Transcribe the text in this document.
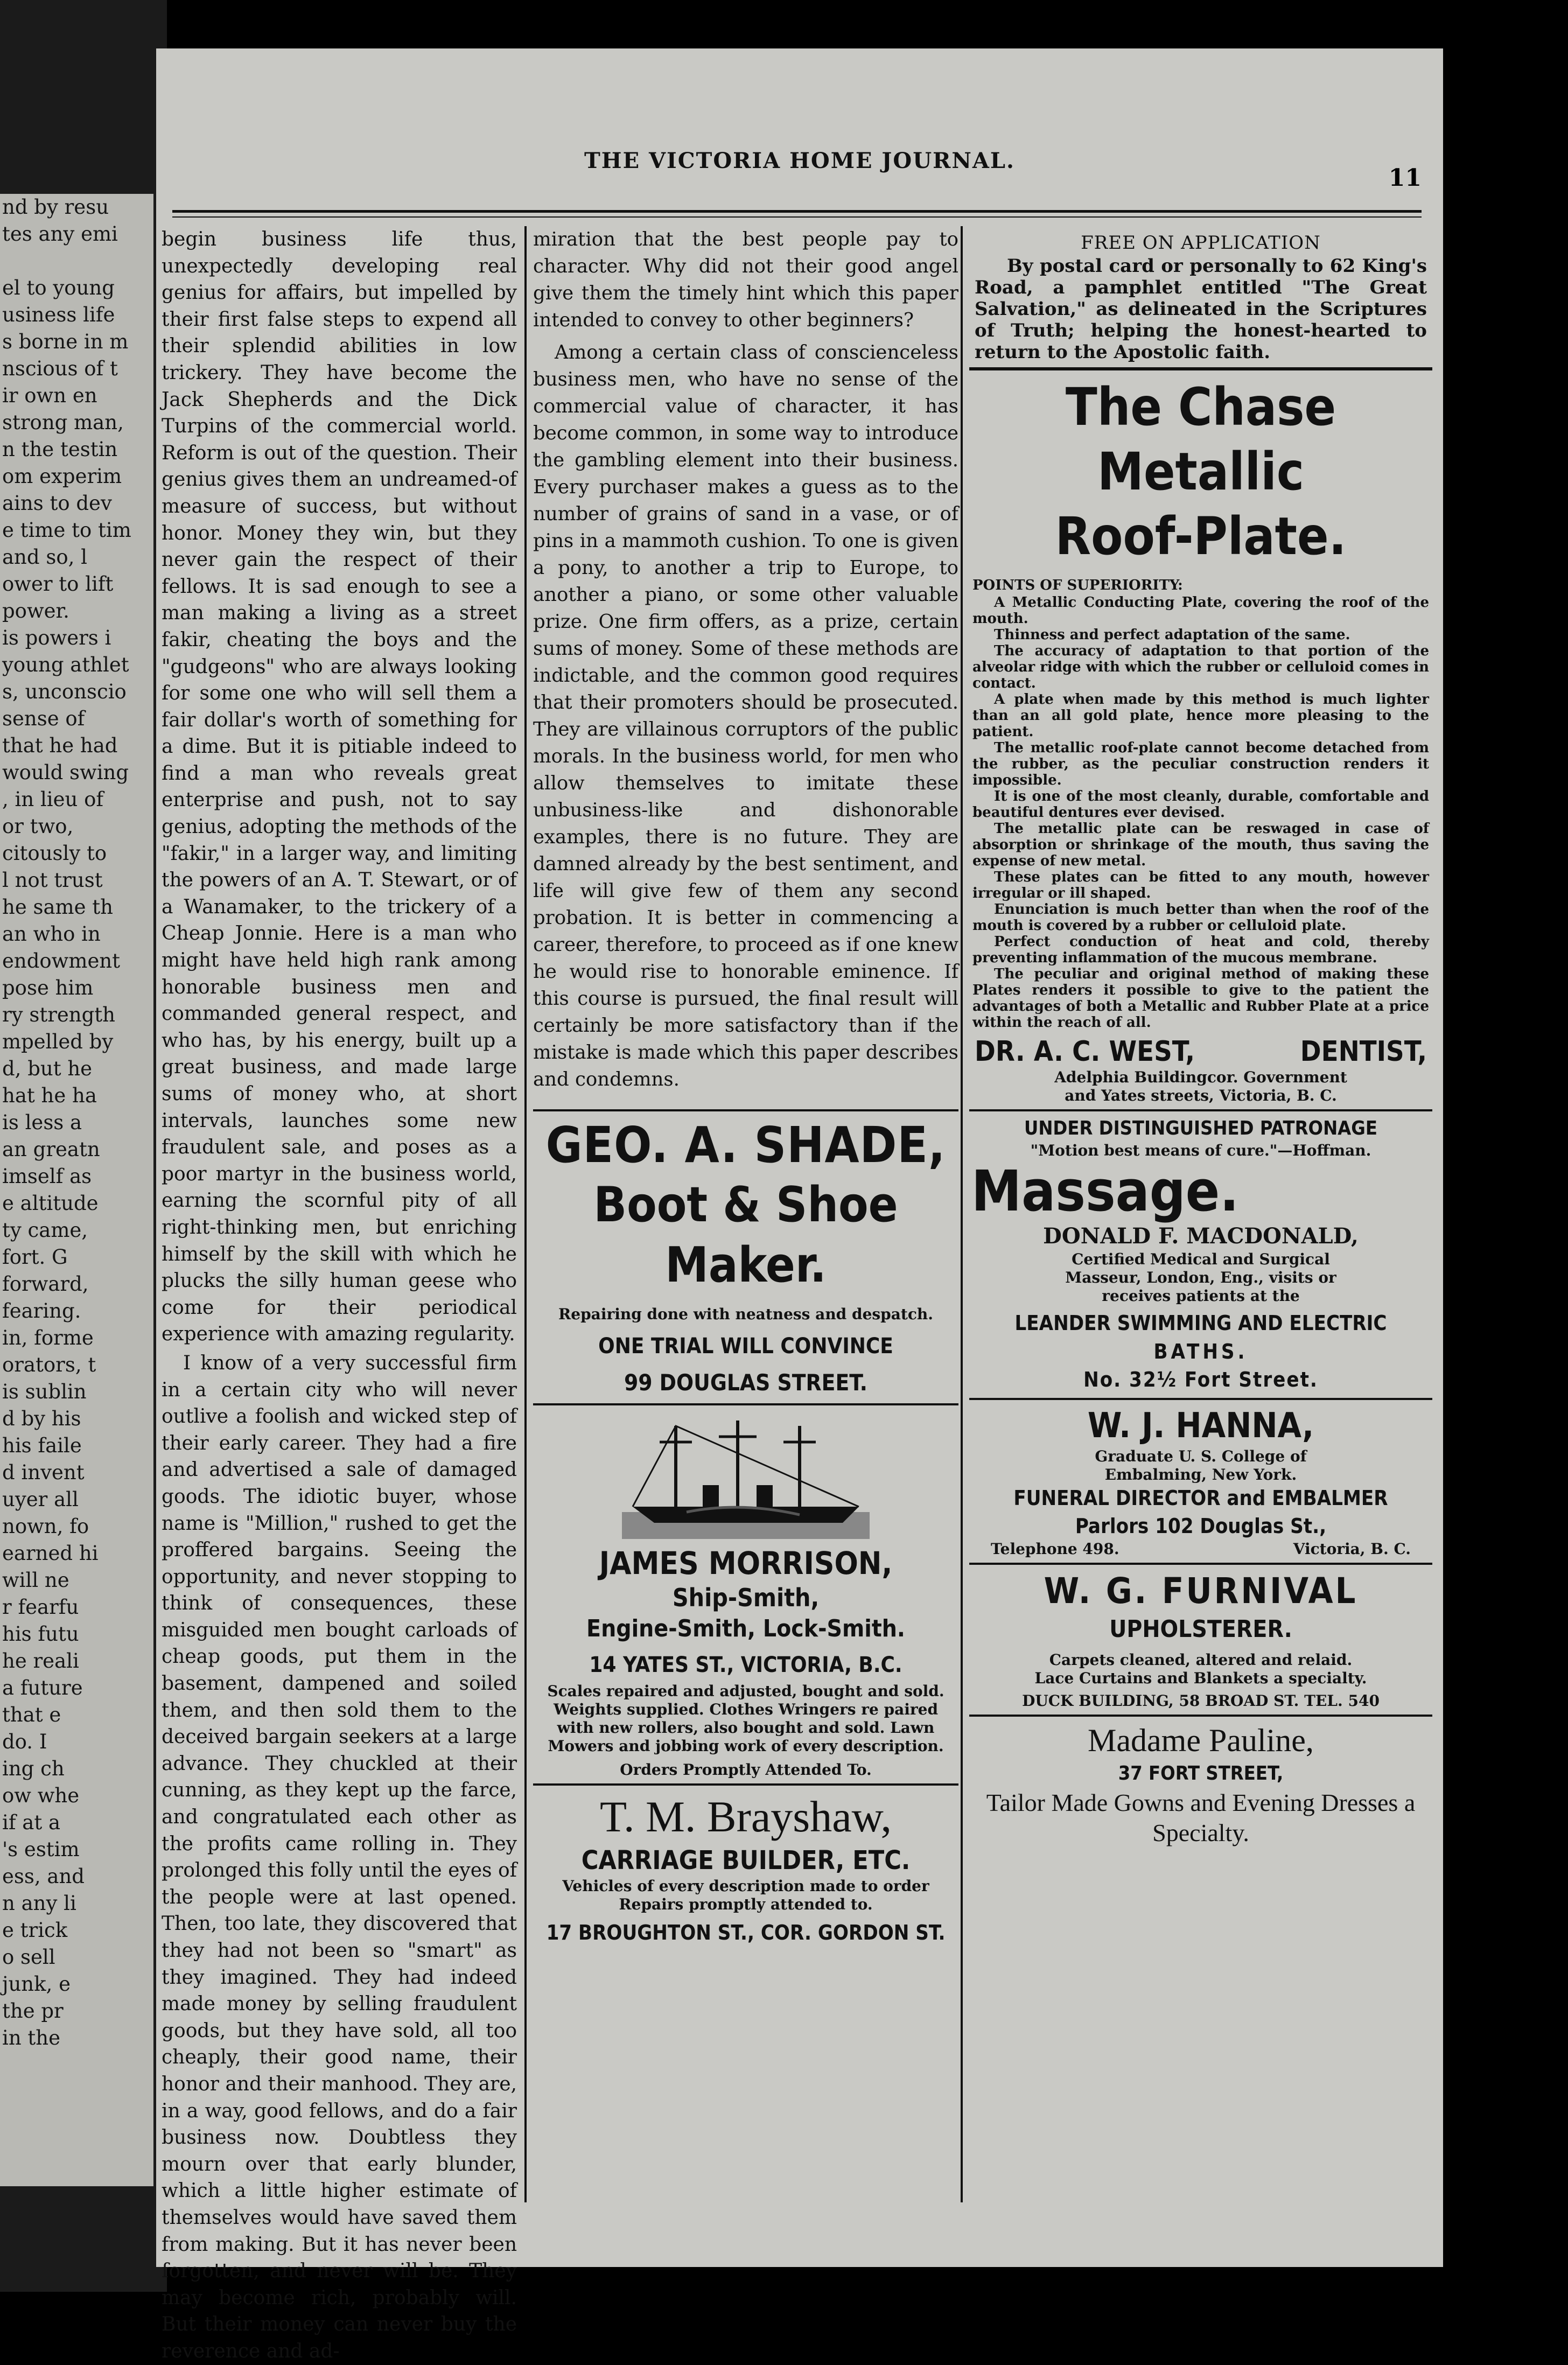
nd by resu
tes any emi

el to young
usiness life
s borne in m
nscious of t
ir own en
strong man,
n the testin
om experim
ains to dev
e time to tim
and so, l
ower to lift
power.
is powers i
young athlet
s, unconscio
sense of
that he had
would swing
, in lieu of
or two,
citously to
l not trust
he same th
an who in
endowment
pose him
ry strength
mpelled by
d, but he
hat he ha
is less a
an greatn
imself as
e altitude
ty came,
fort. G
forward,
fearing.
in, forme
orators, t
is sublin
d by his
his faile
d invent
uyer all
nown, fo
earned hi
will ne
r fearfu
his futu
he reali
a future
that e
do. I
ing ch
ow whe
if at a
's estim
ess, and
n any li
e trick
o sell
junk, e
the pr
in the
THE VICTORIA HOME JOURNAL.
11

begin business life thus, unexpectedly developing real genius for affairs, but impelled by their first false steps to expend all their splendid abilities in low trickery. They have become the Jack Shepherds and the Dick Turpins of the commercial world. Reform is out of the question. Their genius gives them an undreamed-of measure of success, but without honor. Money they win, but they never gain the respect of their fellows. It is sad enough to see a man making a living as a street fakir, cheating the boys and the "gudgeons" who are always looking for some one who will sell them a fair dollar's worth of something for a dime. But it is pitiable indeed to find a man who reveals great enterprise and push, not to say genius, adopting the methods of the "fakir," in a larger way, and limiting the powers of an A. T. Stewart, or of a Wanamaker, to the trickery of a Cheap Jonnie. Here is a man who might have held high rank among honorable business men and commanded general respect, and who has, by his energy, built up a great business, and made large sums of money who, at short intervals, launches some new fraudulent sale, and poses as a poor martyr in the business world, earning the scornful pity of all right-thinking men, but enriching himself by the skill with which he plucks the silly human geese who come for their periodical experience with amazing regularity.

I know of a very successful firm in a certain city who will never outlive a foolish and wicked step of their early career. They had a fire and advertised a sale of damaged goods. The idiotic buyer, whose name is "Million," rushed to get the proffered bargains. Seeing the opportunity, and never stopping to think of consequences, these misguided men bought carloads of cheap goods, put them in the basement, dampened and soiled them, and then sold them to the deceived bargain seekers at a large advance. They chuckled at their cunning, as they kept up the farce, and congratulated each other as the profits came rolling in. They prolonged this folly until the eyes of the people were at last opened. Then, too late, they discovered that they had not been so "smart" as they imagined. They had indeed made money by selling fraudulent goods, but they have sold, all too cheaply, their good name, their honor and their manhood. They are, in a way, good fellows, and do a fair business now. Doubtless they mourn over that early blunder, which a little higher estimate of themselves would have saved them from making. But it has never been forgotten, and never will be. They may become rich, probably will. But their money can never buy the reverence and ad-

miration that the best people pay to character. Why did not their good angel give them the timely hint which this paper intended to convey to other beginners?

Among a certain class of conscienceless business men, who have no sense of the commercial value of character, it has become common, in some way to introduce the gambling element into their business. Every purchaser makes a guess as to the number of grains of sand in a vase, or of pins in a mammoth cushion. To one is given a pony, to another a trip to Europe, to another a piano, or some other valuable prize. One firm offers, as a prize, certain sums of money. Some of these methods are indictable, and the common good requires that their promoters should be prosecuted. They are villainous corruptors of the public morals. In the business world, for men who allow themselves to imitate these unbusiness-like and dishonorable examples, there is no future. They are damned already by the best sentiment, and life will give few of them any second probation. It is better in commencing a career, therefore, to proceed as if one knew he would rise to honorable eminence. If this course is pursued, the final result will certainly be more satisfactory than if the mistake is made which this paper describes and condemns.

GEO. A. SHADE,
Boot & Shoe Maker.
Repairing done with neatness and despatch.
ONE TRIAL WILL CONVINCE
99 DOUGLAS STREET.
JAMES MORRISON,
Ship-Smith,
Engine-Smith, Lock-Smith.
14 YATES ST., VICTORIA, B.C.
Scales repaired and adjusted, bought and sold. Weights supplied. Clothes Wringers re paired with new rollers, also bought and sold. Lawn Mowers and jobbing work of every description.
Orders Promptly Attended To.
T. M. Brayshaw,
CARRIAGE BUILDER, ETC.
Vehicles of every description made to order Repairs promptly attended to.
17 BROUGHTON ST., COR. GORDON ST.
FREE ON APPLICATION
By postal card or personally to 62 King's Road, a pamphlet entitled "The Great Salvation," as delineated in the Scriptures of Truth; helping the honest-hearted to return to the Apostolic faith.
The Chase Metallic
Roof-Plate.
POINTS OF SUPERIORITY:
A Metallic Conducting Plate, covering the roof of the mouth.
Thinness and perfect adaptation of the same.
The accuracy of adaptation to that portion of the alveolar ridge with which the rubber or celluloid comes in contact.
A plate when made by this method is much lighter than an all gold plate, hence more pleasing to the patient.
The metallic roof-plate cannot become detached from the rubber, as the peculiar construction renders it impossible.
It is one of the most cleanly, durable, comfortable and beautiful dentures ever devised.
The metallic plate can be reswaged in case of absorption or shrinkage of the mouth, thus saving the expense of new metal.
These plates can be fitted to any mouth, however irregular or ill shaped.
Enunciation is much better than when the roof of the mouth is covered by a rubber or celluloid plate.
Perfect conduction of heat and cold, thereby preventing inflammation of the mucous membrane.
The peculiar and original method of making these Plates renders it possible to give to the patient the advantages of both a Metallic and Rubber Plate at a price within the reach of all.
DR. A. C. WEST,	DENTIST,
Adelphia Buildingcor. Government and Yates streets, Victoria, B. C.
UNDER DISTINGUISHED PATRONAGE
"Motion best means of cure."—Hoffman.
Massage.
DONALD F. MACDONALD,
Certified Medical and Surgical Masseur, London, Eng., visits or receives patients at the
LEANDER SWIMMING AND ELECTRIC
BATHS.
No. 32½ Fort Street.
W. J. HANNA,
Graduate U. S. College of Embalming, New York.
FUNERAL DIRECTOR and EMBALMER
Parlors 102 Douglas St.,
Telephone 498.	Victoria, B. C.
W. G. FURNIVAL
UPHOLSTERER.
Carpets cleaned, altered and relaid.
Lace Curtains and Blankets a specialty.
DUCK BUILDING, 58 BROAD ST. TEL. 540
Madame Pauline,
37 FORT STREET,
Tailor Made Gowns and Evening Dresses a Specialty.
